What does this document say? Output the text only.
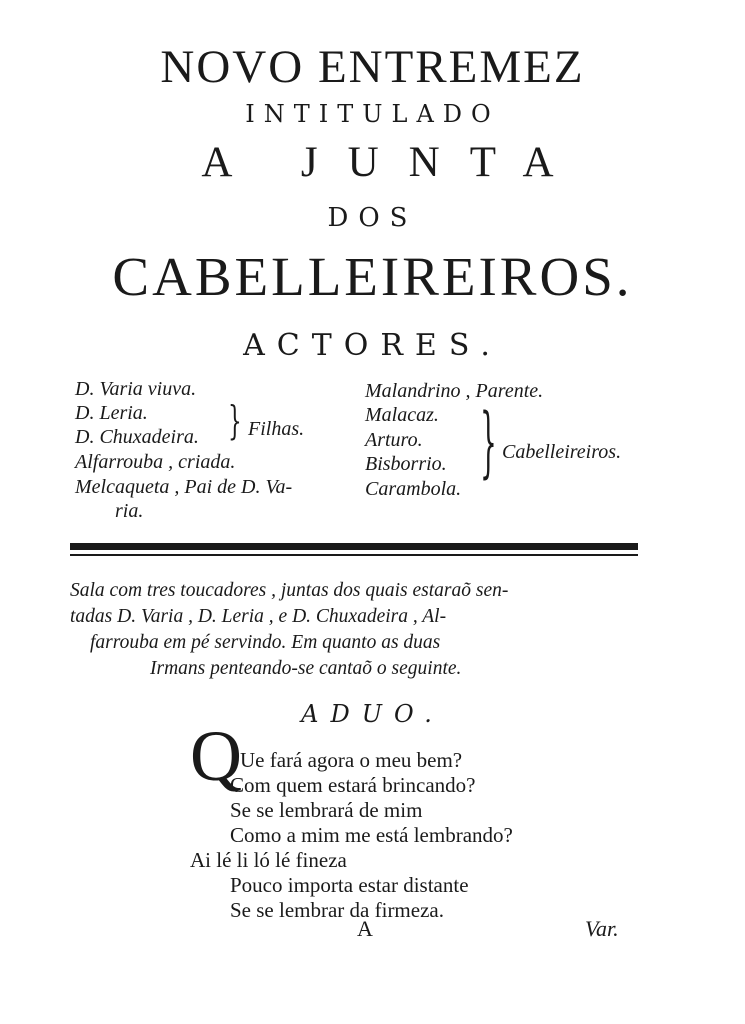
NOVO ENTREMEZ
INTITULADO
A JUNTA
DOS
CABELLEIREIROS.
ACTORES.
D. Varia viuva.
D. Leria.
D. Chuxadeira.
Alfarrouba , criada.
Melcaqueta , Pai de D. Va-
ria.
} Filhas.
Malandrino , Parente.
Malacaz.
Arturo.
Bisborrio.
Carambola.
} Cabelleireiros.
Sala com tres toucadores , juntas dos quais estaraõ sen-
tadas D. Varia , D. Leria , e D. Chuxadeira , Al-
farrouba em pé servindo. Em quanto as duas
Irmans penteando-se cantaõ o seguinte.
ADUO.
Q
Ue fará agora o meu bem?
Com quem estará brincando?
Se se lembrará de mim
Como a mim me está lembrando?
Ai lé li ló lé fineza
Pouco importa estar distante
Se se lembrar da firmeza.
A	Var.
